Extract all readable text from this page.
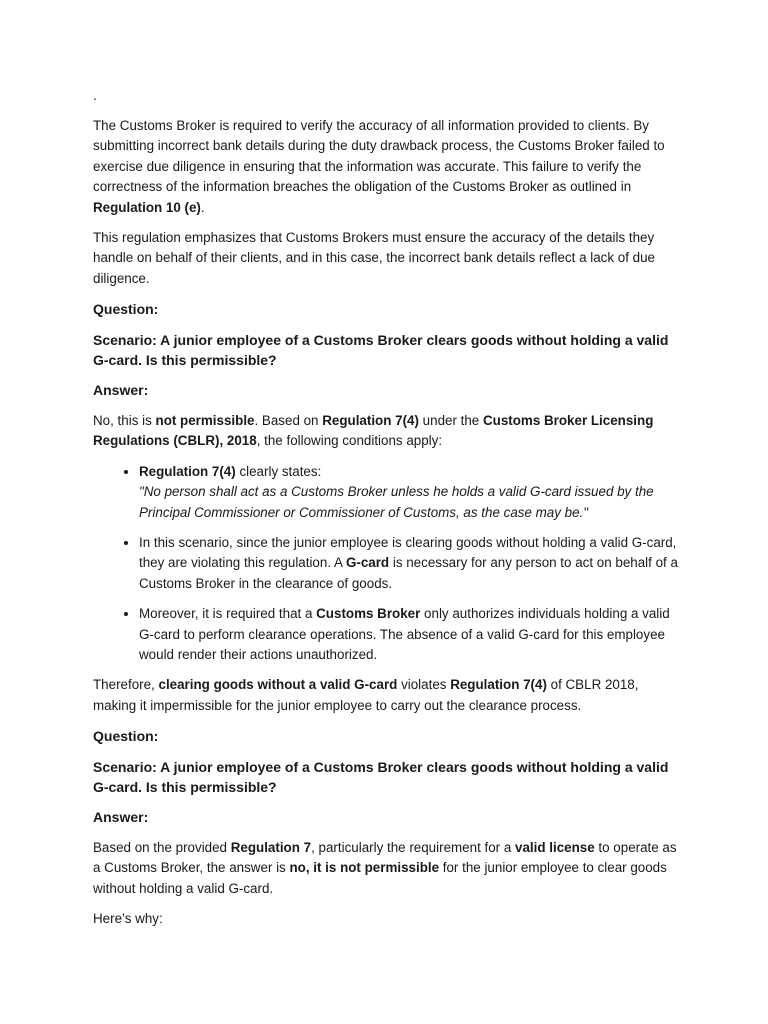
.

The Customs Broker is required to verify the accuracy of all information provided to clients. By submitting incorrect bank details during the duty drawback process, the Customs Broker failed to exercise due diligence in ensuring that the information was accurate. This failure to verify the correctness of the information breaches the obligation of the Customs Broker as outlined in Regulation 10 (e).

This regulation emphasizes that Customs Brokers must ensure the accuracy of the details they handle on behalf of their clients, and in this case, the incorrect bank details reflect a lack of due diligence.

Question:

Scenario: A junior employee of a Customs Broker clears goods without holding a valid G-card. Is this permissible?

Answer:

No, this is not permissible. Based on Regulation 7(4) under the Customs Broker Licensing Regulations (CBLR), 2018, the following conditions apply:

• Regulation 7(4) clearly states:
"No person shall act as a Customs Broker unless he holds a valid G-card issued by the Principal Commissioner or Commissioner of Customs, as the case may be."
• In this scenario, since the junior employee is clearing goods without holding a valid G-card, they are violating this regulation. A G-card is necessary for any person to act on behalf of a Customs Broker in the clearance of goods.
• Moreover, it is required that a Customs Broker only authorizes individuals holding a valid G-card to perform clearance operations. The absence of a valid G-card for this employee would render their actions unauthorized.

Therefore, clearing goods without a valid G-card violates Regulation 7(4) of CBLR 2018, making it impermissible for the junior employee to carry out the clearance process.

Question:

Scenario: A junior employee of a Customs Broker clears goods without holding a valid G-card. Is this permissible?

Answer:

Based on the provided Regulation 7, particularly the requirement for a valid license to operate as a Customs Broker, the answer is no, it is not permissible for the junior employee to clear goods without holding a valid G-card.

Here’s why:
